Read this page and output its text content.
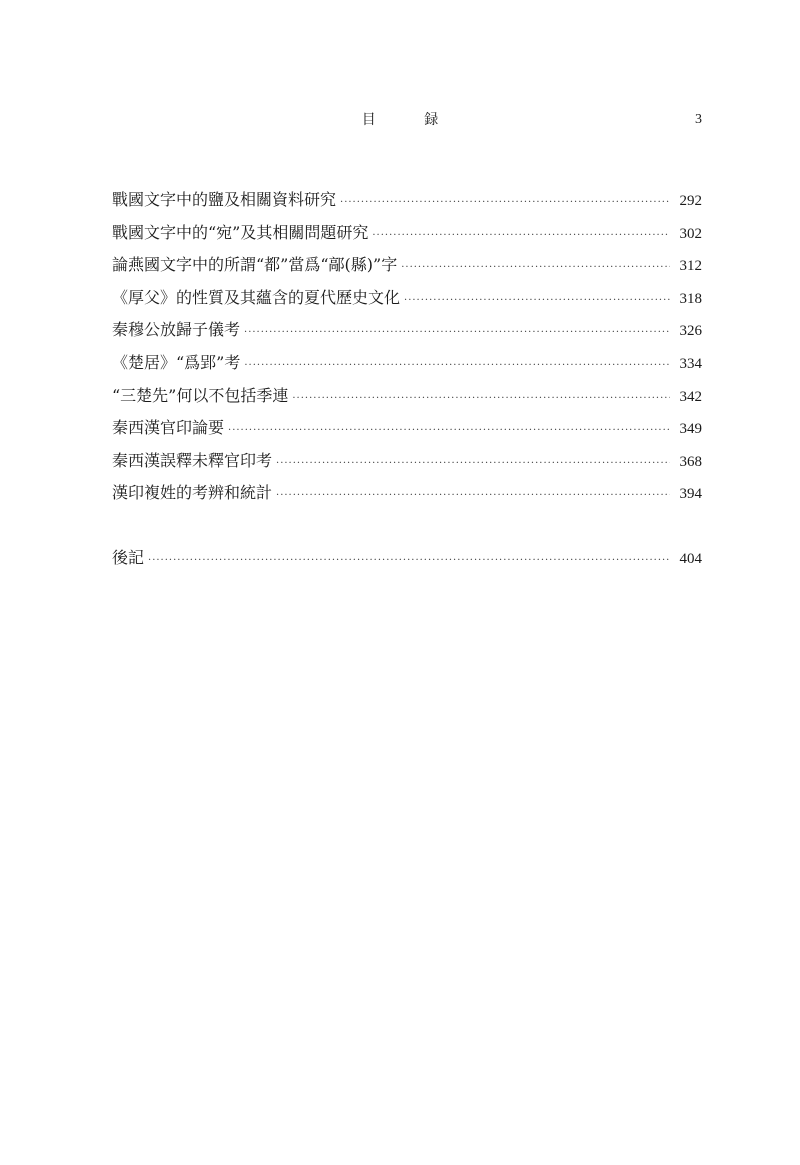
目 録	3
戰國文字中的鹽及相關資料研究 ·····	292
戰國文字中的“宛”及其相關問題研究 ·····	302
論燕國文字中的所謂“都”當爲“鄗(縣)”字 ·····	312
《厚父》的性質及其蘊含的夏代歷史文化 ·····	318
秦穆公放歸子儀考 ·····	326
《楚居》“爲郢”考 ·····	334
“三楚先”何以不包括季連 ·····	342
秦西漢官印論要 ·····	349
秦西漢誤釋未釋官印考 ·····	368
漢印複姓的考辨和統計 ·····	394
後記 ·····	404
